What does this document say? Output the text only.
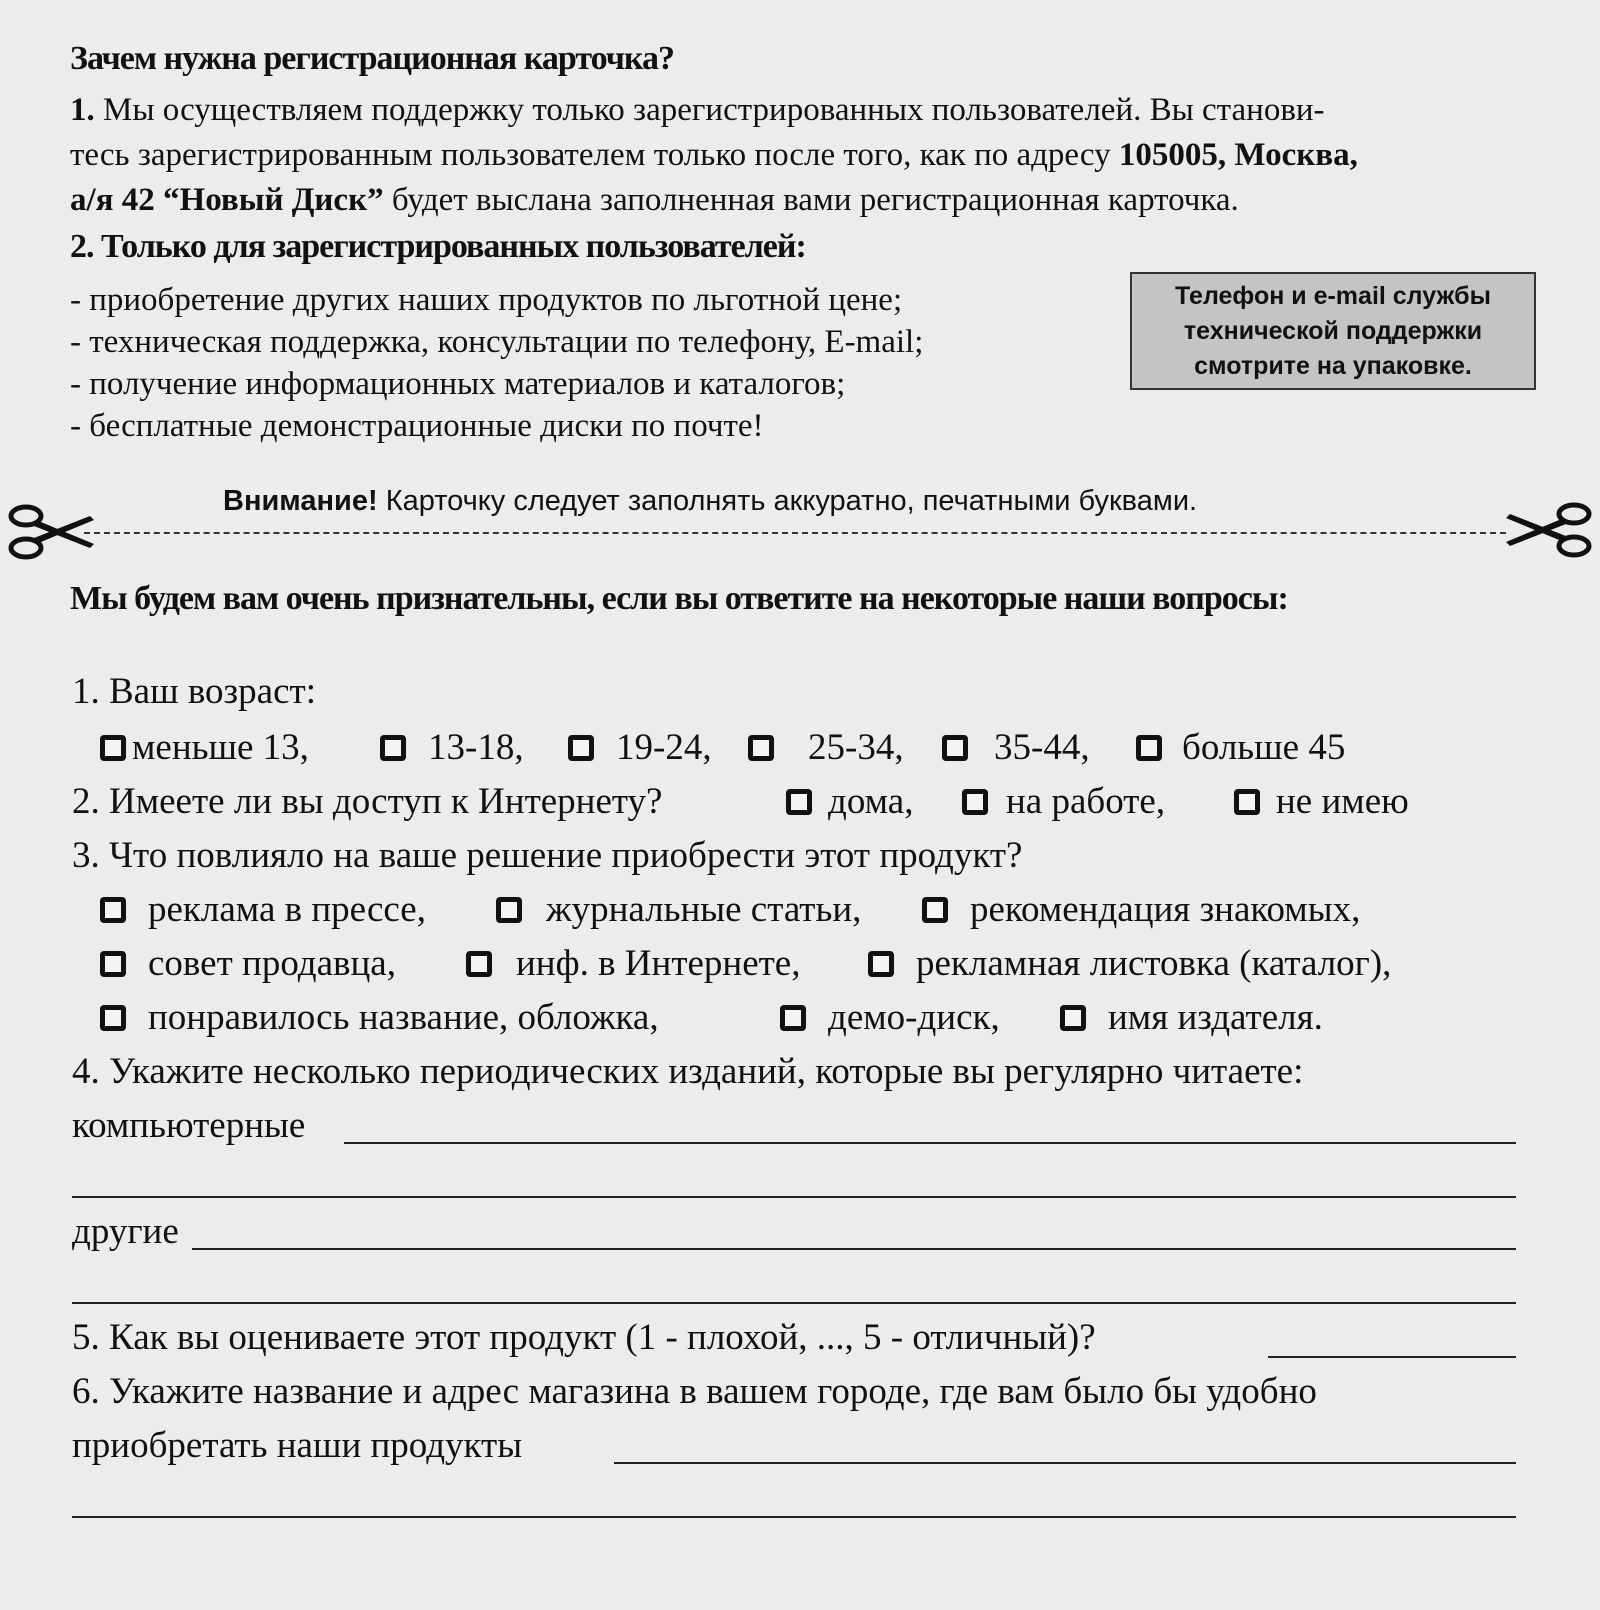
Зачем нужна регистрационная карточка?
1. Мы осуществляем поддержку только зарегистрированных пользователей. Вы станови-
тесь зарегистрированным пользователем только после того, как по адресу 105005, Москва,
а/я 42 “Новый Диск” будет выслана заполненная вами регистрационная карточка.
2. Только для зарегистрированных пользователей:
- приобретение других наших продуктов по льготной цене;
- техническая поддержка, консультации по телефону, E-mail;
- получение информационных материалов и каталогов;
- бесплатные демонстрационные диски по почте!
Телефон и e-mail службы
технической поддержки
смотрите на упаковке.
Внимание! Карточку следует заполнять аккуратно, печатными буквами.
Мы будем вам очень признательны, если вы ответите на некоторые наши вопросы:
1. Ваш возраст:
меньше 13,	13-18, 19-24,	25-34, 35-44, больше 45
2. Имеете ли вы доступ к Интернету?	дома,	на работе,	не имею
3. Что повлияло на ваше решение приобрести этот продукт?
реклама в прессе,	журнальные статьи,	рекомендация знакомых,
совет продавца,	инф. в Интернете,	рекламная листовка (каталог),
понравилось название, обложка,	демо-диск,	имя издателя.
4. Укажите несколько периодических изданий, которые вы регулярно читаете:
компьютерные
другие
5. Как вы оцениваете этот продукт (1 - плохой, ..., 5 - отличный)?
6. Укажите название и адрес магазина в вашем городе, где вам было бы удобно
приобретать наши продукты
